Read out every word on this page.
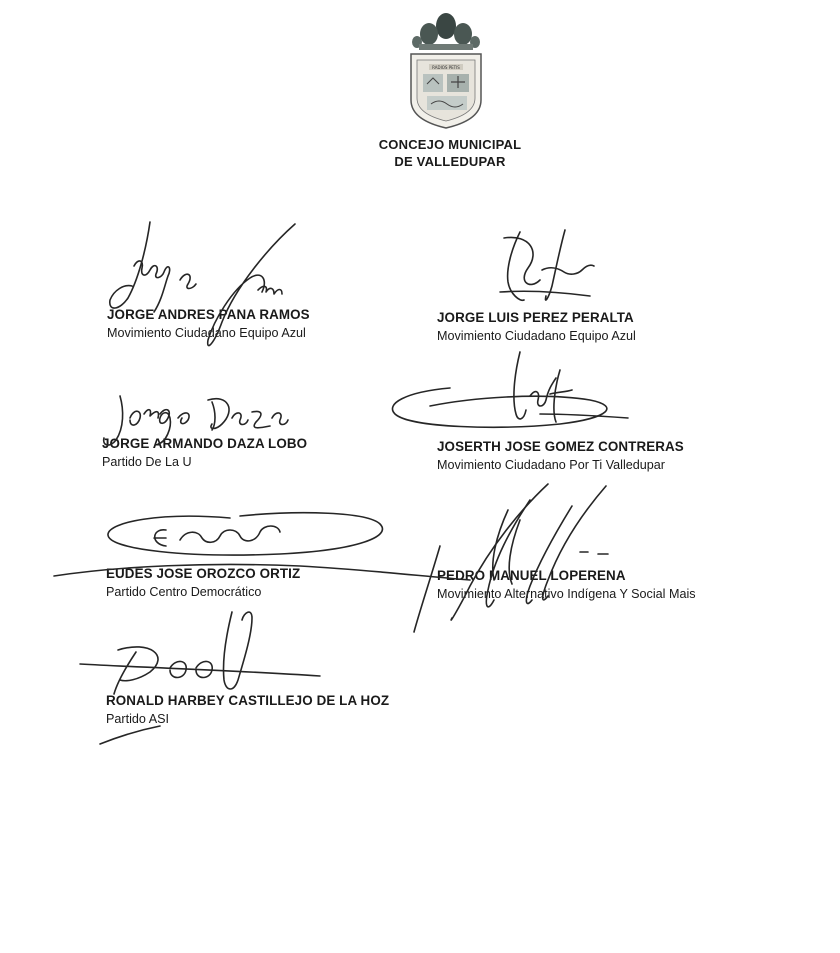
RADIOS PETIS
CONCEJO MUNICIPAL
DE VALLEDUPAR
JORGE ANDRES PANA RAMOS
Movimiento Ciudadano Equipo Azul
JORGE LUIS PEREZ PERALTA
Movimiento Ciudadano Equipo Azul
JORGE ARMANDO DAZA LOBO
Partido De La U
JOSERTH JOSE GOMEZ CONTRERAS
Movimiento Ciudadano Por Ti Valledupar
EUDES JOSE OROZCO ORTIZ
Partido Centro Democrático
PEDRO MANUEL LOPERENA
Movimiento Alternativo Indígena Y Social Mais
RONALD HARBEY CASTILLEJO DE LA HOZ
Partido ASI
